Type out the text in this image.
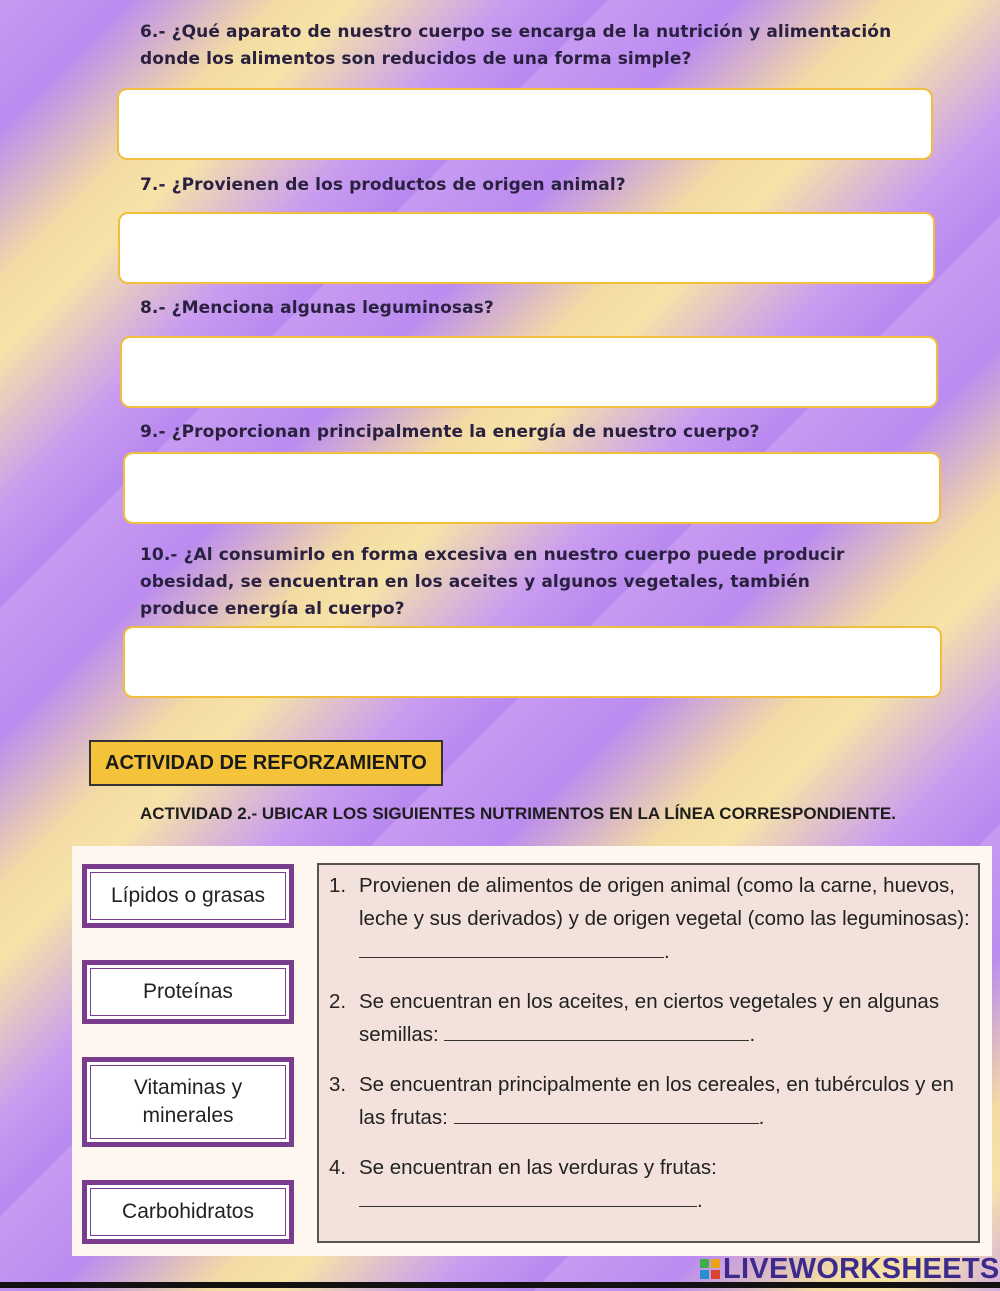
6.- ¿Qué aparato de nuestro cuerpo se encarga de la nutrición y alimentación donde los alimentos son reducidos de una forma simple?
7.- ¿Provienen de los productos de origen animal?
8.- ¿Menciona algunas leguminosas?
9.- ¿Proporcionan principalmente la energía de nuestro cuerpo?
10.- ¿Al consumirlo en forma excesiva en nuestro cuerpo puede producir obesidad, se encuentran en los aceites y algunos vegetales, también produce energía al cuerpo?
ACTIVIDAD DE REFORZAMIENTO
ACTIVIDAD 2.- UBICAR LOS SIGUIENTES NUTRIMENTOS EN LA LÍNEA CORRESPONDIENTE.
Lípidos o grasas
Proteínas
Vitaminas y minerales
Carbohidratos
1. Provienen de alimentos de origen animal (como la carne, huevos, leche y sus derivados) y de origen vegetal (como las leguminosas):
.
2. Se encuentran en los aceites, en ciertos vegetales y en algunas semillas:	.
3. Se encuentran principalmente en los cereales, en tubérculos y en las frutas:	.
4. Se encuentran en las verduras y frutas:
.
LIVEWORKSHEETS
